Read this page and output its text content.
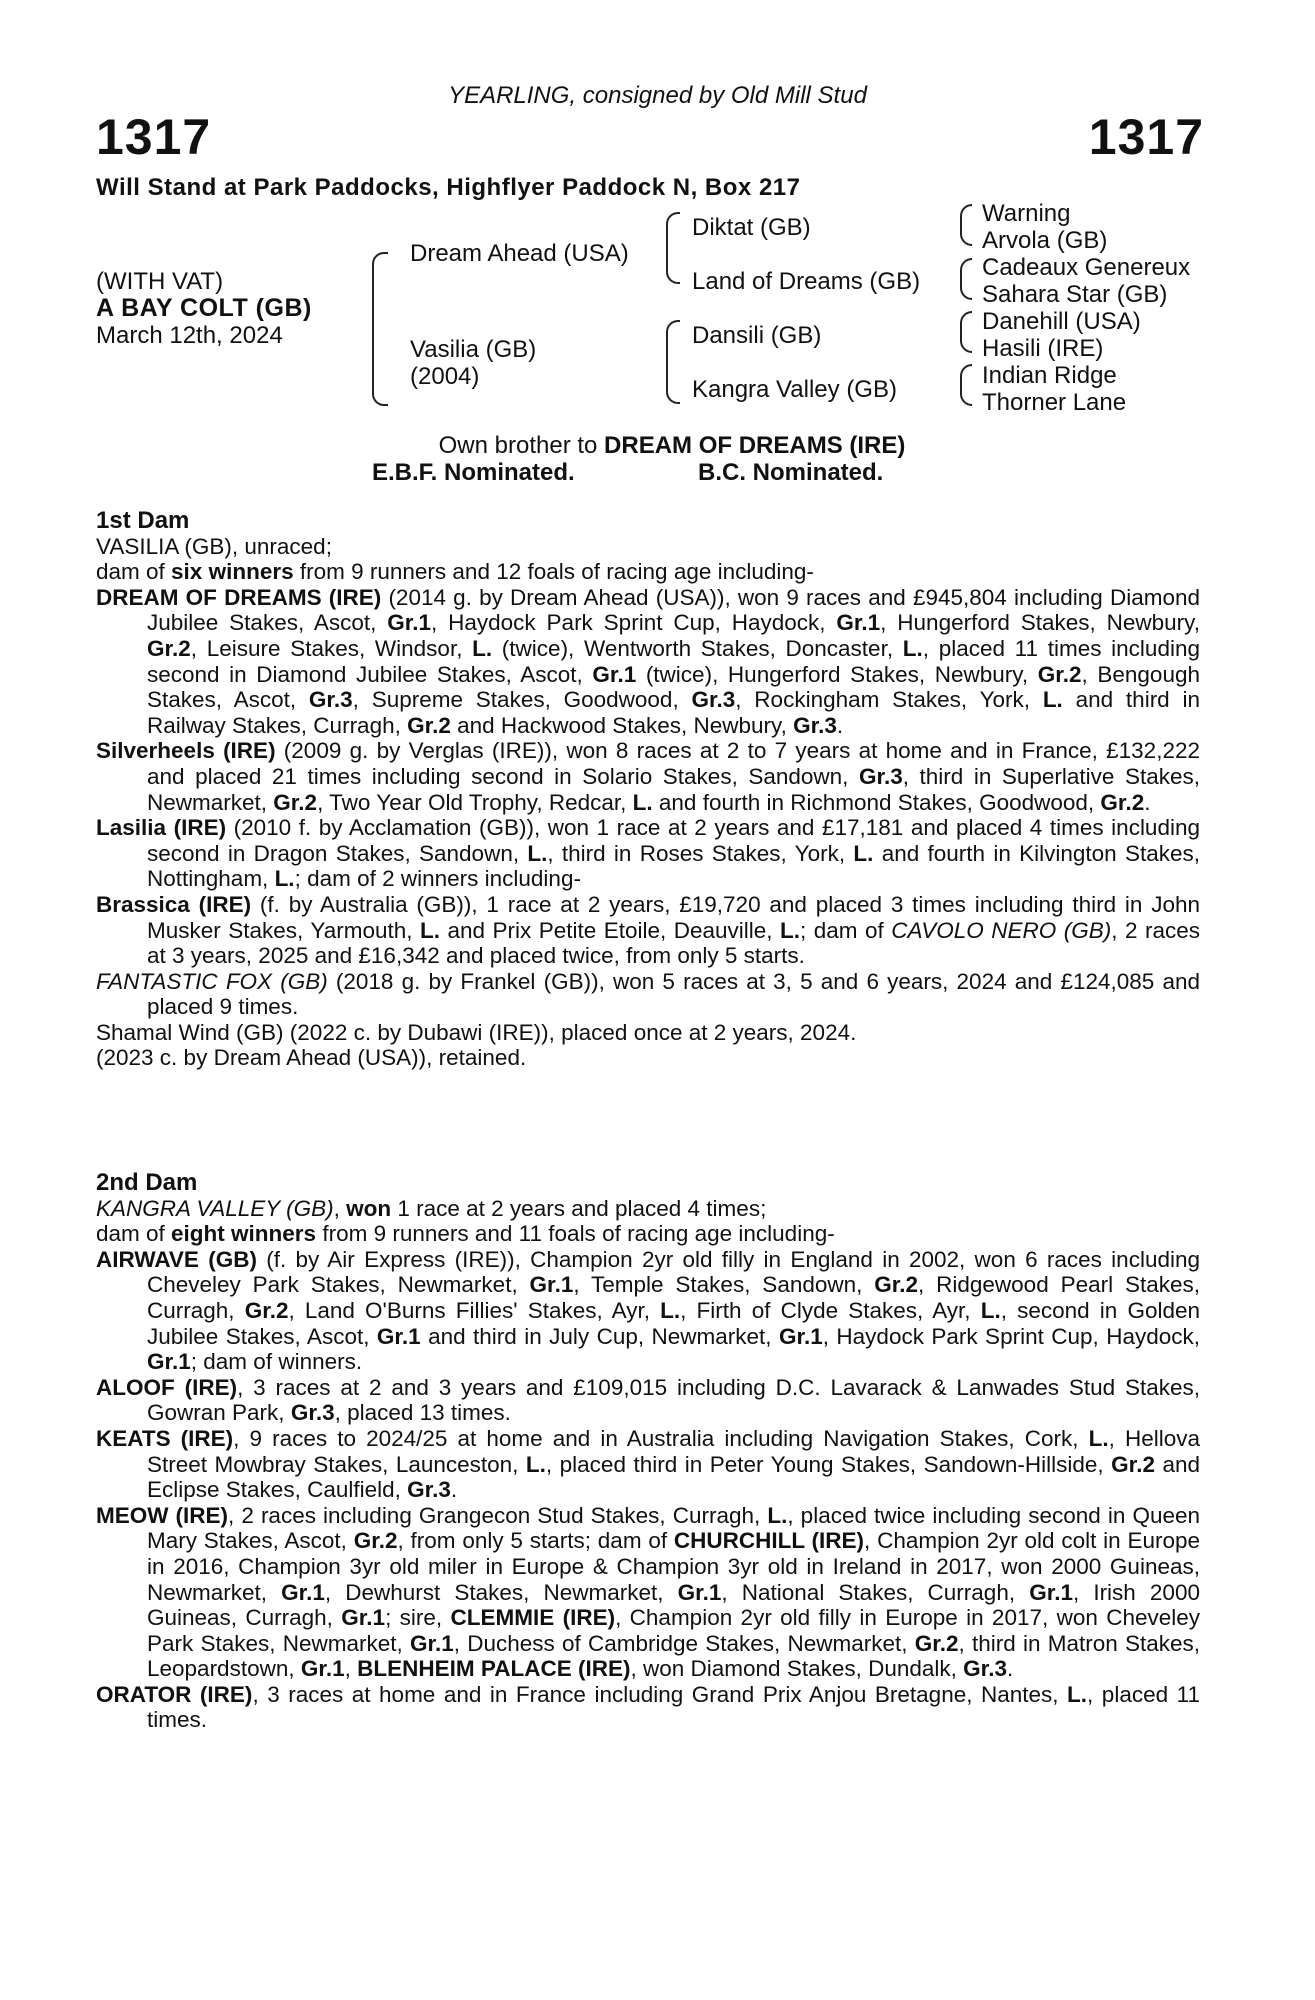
YEARLING, consigned by Old Mill Stud
1317	1317
Will Stand at Park Paddocks, Highflyer Paddock N, Box 217
(WITH VAT)
A BAY COLT (GB)
March 12th, 2024
Dream Ahead (USA)
Vasilia (GB)
(2004)
Diktat (GB)
Land of Dreams (GB)
Dansili (GB)
Kangra Valley (GB)
Warning
Arvola (GB)
Cadeaux Genereux
Sahara Star (GB)
Danehill (USA)
Hasili (IRE)
Indian Ridge
Thorner Lane
Own brother to DREAM OF DREAMS (IRE)
E.B.F. Nominated.	B.C. Nominated.

1st Dam

VASILIA (GB), unraced;

dam of six winners from 9 runners and 12 foals of racing age including-

DREAM OF DREAMS (IRE) (2014 g. by Dream Ahead (USA)), won 9 races and £945,804 including Diamond Jubilee Stakes, Ascot, Gr.1, Haydock Park Sprint Cup, Haydock, Gr.1, Hungerford Stakes, Newbury, Gr.2, Leisure Stakes, Windsor, L. (twice), Wentworth Stakes, Doncaster, L., placed 11 times including second in Diamond Jubilee Stakes, Ascot, Gr.1 (twice), Hungerford Stakes, Newbury, Gr.2, Bengough Stakes, Ascot, Gr.3, Supreme Stakes, Goodwood, Gr.3, Rockingham Stakes, York, L. and third in Railway Stakes, Curragh, Gr.2 and Hackwood Stakes, Newbury, Gr.3.

Silverheels (IRE) (2009 g. by Verglas (IRE)), won 8 races at 2 to 7 years at home and in France, £132,222 and placed 21 times including second in Solario Stakes, Sandown, Gr.3, third in Superlative Stakes, Newmarket, Gr.2, Two Year Old Trophy, Redcar, L. and fourth in Richmond Stakes, Goodwood, Gr.2.

Lasilia (IRE) (2010 f. by Acclamation (GB)), won 1 race at 2 years and £17,181 and placed 4 times including second in Dragon Stakes, Sandown, L., third in Roses Stakes, York, L. and fourth in Kilvington Stakes, Nottingham, L.; dam of 2 winners including-

Brassica (IRE) (f. by Australia (GB)), 1 race at 2 years, £19,720 and placed 3 times including third in John Musker Stakes, Yarmouth, L. and Prix Petite Etoile, Deauville, L.; dam of CAVOLO NERO (GB), 2 races at 3 years, 2025 and £16,342 and placed twice, from only 5 starts.

FANTASTIC FOX (GB) (2018 g. by Frankel (GB)), won 5 races at 3, 5 and 6 years, 2024 and £124,085 and placed 9 times.

Shamal Wind (GB) (2022 c. by Dubawi (IRE)), placed once at 2 years, 2024.

(2023 c. by Dream Ahead (USA)), retained.

2nd Dam

KANGRA VALLEY (GB), won 1 race at 2 years and placed 4 times;

dam of eight winners from 9 runners and 11 foals of racing age including-

AIRWAVE (GB) (f. by Air Express (IRE)), Champion 2yr old filly in England in 2002, won 6 races including Cheveley Park Stakes, Newmarket, Gr.1, Temple Stakes, Sandown, Gr.2, Ridgewood Pearl Stakes, Curragh, Gr.2, Land O'Burns Fillies' Stakes, Ayr, L., Firth of Clyde Stakes, Ayr, L., second in Golden Jubilee Stakes, Ascot, Gr.1 and third in July Cup, Newmarket, Gr.1, Haydock Park Sprint Cup, Haydock, Gr.1; dam of winners.

ALOOF (IRE), 3 races at 2 and 3 years and £109,015 including D.C. Lavarack & Lanwades Stud Stakes, Gowran Park, Gr.3, placed 13 times.

KEATS (IRE), 9 races to 2024/25 at home and in Australia including Navigation Stakes, Cork, L., Hellova Street Mowbray Stakes, Launceston, L., placed third in Peter Young Stakes, Sandown-Hillside, Gr.2 and Eclipse Stakes, Caulfield, Gr.3.

MEOW (IRE), 2 races including Grangecon Stud Stakes, Curragh, L., placed twice including second in Queen Mary Stakes, Ascot, Gr.2, from only 5 starts; dam of CHURCHILL (IRE), Champion 2yr old colt in Europe in 2016, Champion 3yr old miler in Europe & Champion 3yr old in Ireland in 2017, won 2000 Guineas, Newmarket, Gr.1, Dewhurst Stakes, Newmarket, Gr.1, National Stakes, Curragh, Gr.1, Irish 2000 Guineas, Curragh, Gr.1; sire, CLEMMIE (IRE), Champion 2yr old filly in Europe in 2017, won Cheveley Park Stakes, Newmarket, Gr.1, Duchess of Cambridge Stakes, Newmarket, Gr.2, third in Matron Stakes, Leopardstown, Gr.1, BLENHEIM PALACE (IRE), won Diamond Stakes, Dundalk, Gr.3.

ORATOR (IRE), 3 races at home and in France including Grand Prix Anjou Bretagne, Nantes, L., placed 11 times.
